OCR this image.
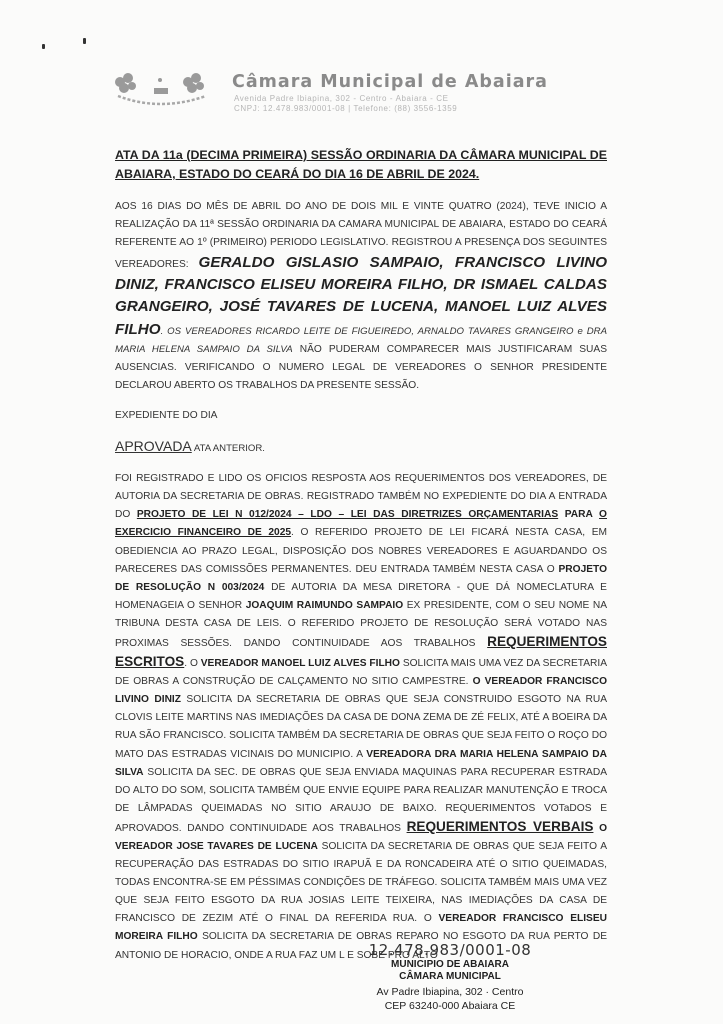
Câmara Municipal de Abaiara
Avenida Padre Ibiapina, 302 - Centro - Abaiara - CE
CNPJ: 12.478.983/0001-08 | Telefone: (88) 3556-1359
ATA DA 11a (DECIMA PRIMEIRA) SESSÃO ORDINARIA DA CÂMARA MUNICIPAL DE ABAIARA, ESTADO DO CEARÁ DO DIA 16 DE ABRIL DE 2024.

AOS 16 DIAS DO MÊS DE ABRIL DO ANO DE DOIS MIL E VINTE QUATRO (2024), TEVE INICIO A REALIZAÇÃO DA 11ª SESSÃO ORDINARIA DA CAMARA MUNICIPAL DE ABAIARA, ESTADO DO CEARÁ REFERENTE AO 1º (PRIMEIRO) PERIODO LEGISLATIVO. REGISTROU A PRESENÇA DOS SEGUINTES VEREADORES: GERALDO GISLASIO SAMPAIO, FRANCISCO LIVINO DINIZ, FRANCISCO ELISEU MOREIRA FILHO, DR ISMAEL CALDAS GRANGEIRO, JOSÉ TAVARES DE LUCENA, MANOEL LUIZ ALVES FILHO. OS VEREADORES RICARDO LEITE DE FIGUEIREDO, ARNALDO TAVARES GRANGEIRO e DRA MARIA HELENA SAMPAIO DA SILVA NÃO PUDERAM COMPARECER MAIS JUSTIFICARAM SUAS AUSENCIAS. VERIFICANDO O NUMERO LEGAL DE VEREADORES O SENHOR PRESIDENTE DECLAROU ABERTO OS TRABALHOS DA PRESENTE SESSÃO.

EXPEDIENTE DO DIA

APROVADA ATA ANTERIOR.

FOI REGISTRADO E LIDO OS OFICIOS RESPOSTA AOS REQUERIMENTOS DOS VEREADORES, DE AUTORIA DA SECRETARIA DE OBRAS. REGISTRADO TAMBÉM NO EXPEDIENTE DO DIA A ENTRADA DO PROJETO DE LEI N 012/2024 – LDO – LEI DAS DIRETRIZES ORÇAMENTARIAS PARA O EXERCICIO FINANCEIRO DE 2025. O REFERIDO PROJETO DE LEI FICARÁ NESTA CASA, EM OBEDIENCIA AO PRAZO LEGAL, DISPOSIÇÃO DOS NOBRES VEREADORES E AGUARDANDO OS PARECERES DAS COMISSÕES PERMANENTES. DEU ENTRADA TAMBÉM NESTA CASA O PROJETO DE RESOLUÇÃO N 003/2024 DE AUTORIA DA MESA DIRETORA - QUE DÁ NOMECLATURA E HOMENAGEIA O SENHOR JOAQUIM RAIMUNDO SAMPAIO EX PRESIDENTE, COM O SEU NOME NA TRIBUNA DESTA CASA DE LEIS. O REFERIDO PROJETO DE RESOLUÇÃO SERÁ VOTADO NAS PROXIMAS SESSÕES. DANDO CONTINUIDADE AOS TRABALHOS REQUERIMENTOS ESCRITOS. O VEREADOR MANOEL LUIZ ALVES FILHO SOLICITA MAIS UMA VEZ DA SECRETARIA DE OBRAS A CONSTRUÇÃO DE CALÇAMENTO NO SITIO CAMPESTRE. O VEREADOR FRANCISCO LIVINO DINIZ SOLICITA DA SECRETARIA DE OBRAS QUE SEJA CONSTRUIDO ESGOTO NA RUA CLOVIS LEITE MARTINS NAS IMEDIAÇÕES DA CASA DE DONA ZEMA DE ZÉ FELIX, ATÉ A BOEIRA DA RUA SÃO FRANCISCO. SOLICITA TAMBÉM DA SECRETARIA DE OBRAS QUE SEJA FEITO O ROÇO DO MATO DAS ESTRADAS VICINAIS DO MUNICIPIO. A VEREADORA DRA MARIA HELENA SAMPAIO DA SILVA SOLICITA DA SEC. DE OBRAS QUE SEJA ENVIADA MAQUINAS PARA RECUPERAR ESTRADA DO ALTO DO SOM, SOLICITA TAMBÉM QUE ENVIE EQUIPE PARA REALIZAR MANUTENÇÃO E TROCA DE LÂMPADAS QUEIMADAS NO SITIO ARAUJO DE BAIXO. REQUERIMENTOS VOTaDOS E APROVADOS. DANDO CONTINUIDADE AOS TRABALHOS REQUERIMENTOS VERBAIS O VEREADOR JOSE TAVARES DE LUCENA SOLICITA DA SECRETARIA DE OBRAS QUE SEJA FEITO A RECUPERAÇÃO DAS ESTRADAS DO SITIO IRAPUÃ E DA RONCADEIRA ATÉ O SITIO QUEIMADAS, TODAS ENCONTRA-SE EM PÉSSIMAS CONDIÇÕES DE TRÁFEGO. SOLICITA TAMBÉM MAIS UMA VEZ QUE SEJA FEITO ESGOTO DA RUA JOSIAS LEITE TEIXEIRA, NAS IMEDIAÇÕES DA CASA DE FRANCISCO DE ZEZIM ATÉ O FINAL DA REFERIDA RUA. O VEREADOR FRANCISCO ELISEU MOREIRA FILHO SOLICITA DA SECRETARIA DE OBRAS REPARO NO ESGOTO DA RUA PERTO DE ANTONIO DE HORACIO, ONDE A RUA FAZ UM L E SOBE PRO ALTO

12.478.983/0001-08
MUNICIPIO DE ABAIARA
CÂMARA MUNICIPAL
Av Padre Ibiapina, 302 · Centro
CEP 63240-000 Abaiara CE
